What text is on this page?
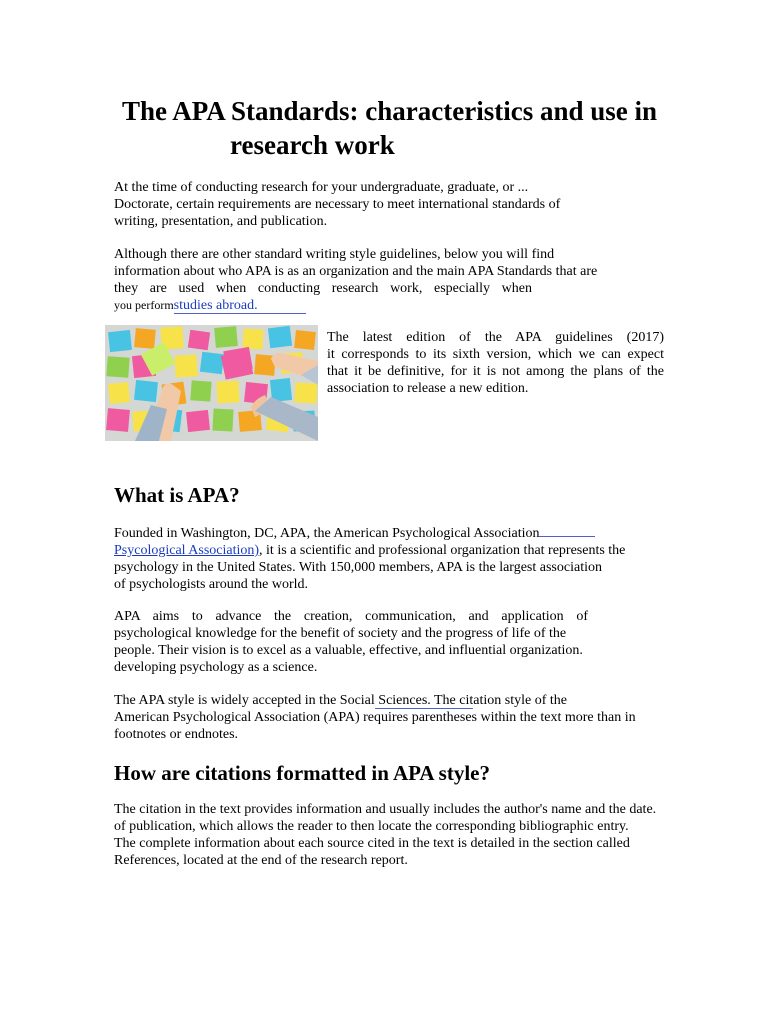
The APA Standards: characteristics and use in
research work

At the time of conducting research for your undergraduate, graduate, or ...
Doctorate, certain requirements are necessary to meet international standards of
writing, presentation, and publication.

Although there are other standard writing style guidelines, below you will find
information about who APA is as an organization and the main APA Standards that are
they are used when conducting research work, especially when
you performstudies abroad.

The latest edition of the APA guidelines (2017)
it corresponds to its sixth version, which we can expect
that it be definitive, for it is not among the plans of the
association to release a new edition.

What is APA?

Founded in Washington, DC, APA, the American Psychological Association
Psycological Association), it is a scientific and professional organization that represents the
psychology in the United States. With 150,000 members, APA is the largest association
of psychologists around the world.

APA aims to advance the creation, communication, and application of
psychological knowledge for the benefit of society and the progress of life of the
people. Their vision is to excel as a valuable, effective, and influential organization.
developing psychology as a science.

The APA style is widely accepted in the Social Sciences. The citation style of the
American Psychological Association (APA) requires parentheses within the text more than in
footnotes or endnotes.

How are citations formatted in APA style?

The citation in the text provides information and usually includes the author's name and the date.
of publication, which allows the reader to then locate the corresponding bibliographic entry.
The complete information about each source cited in the text is detailed in the section called
References, located at the end of the research report.
